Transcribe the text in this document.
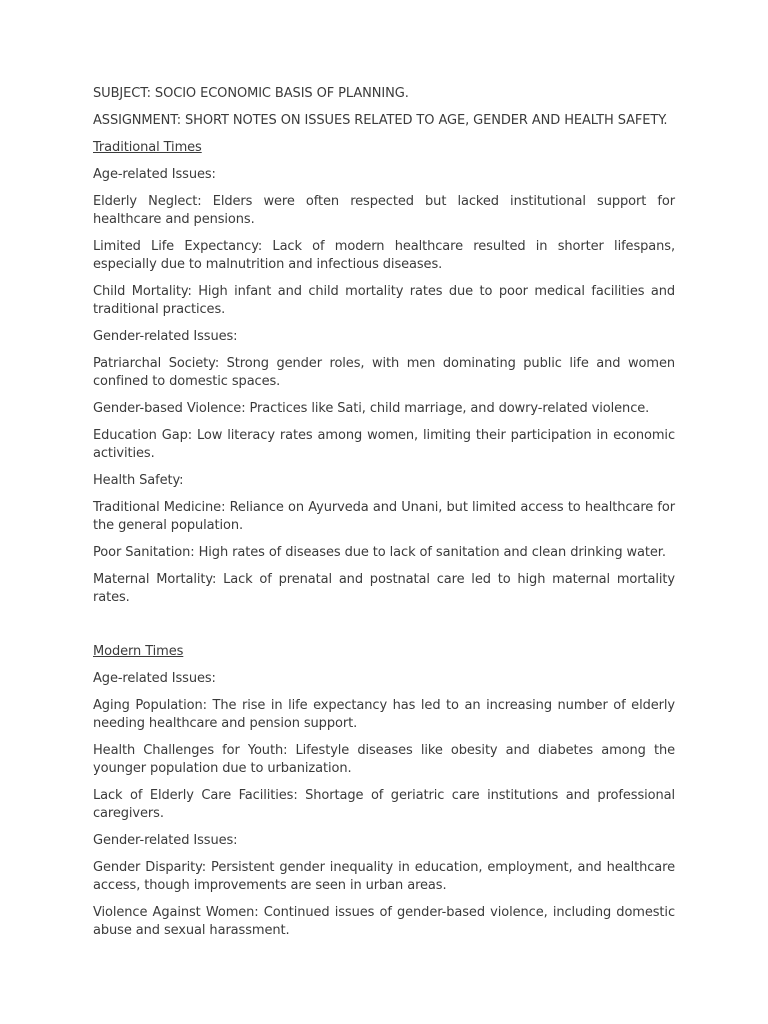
SUBJECT: SOCIO ECONOMIC BASIS OF PLANNING.
ASSIGNMENT: SHORT NOTES ON ISSUES RELATED TO AGE, GENDER AND HEALTH SAFETY.
Traditional Times
Age-related Issues:
Elderly Neglect: Elders were often respected but lacked institutional support for healthcare and pensions.
Limited Life Expectancy: Lack of modern healthcare resulted in shorter lifespans, especially due to malnutrition and infectious diseases.
Child Mortality: High infant and child mortality rates due to poor medical facilities and traditional practices.
Gender-related Issues:
Patriarchal Society: Strong gender roles, with men dominating public life and women confined to domestic spaces.
Gender-based Violence: Practices like Sati, child marriage, and dowry-related violence.
Education Gap: Low literacy rates among women, limiting their participation in economic activities.
Health Safety:
Traditional Medicine: Reliance on Ayurveda and Unani, but limited access to healthcare for the general population.
Poor Sanitation: High rates of diseases due to lack of sanitation and clean drinking water.
Maternal Mortality: Lack of prenatal and postnatal care led to high maternal mortality rates.
Modern Times
Age-related Issues:
Aging Population: The rise in life expectancy has led to an increasing number of elderly needing healthcare and pension support.
Health Challenges for Youth: Lifestyle diseases like obesity and diabetes among the younger population due to urbanization.
Lack of Elderly Care Facilities: Shortage of geriatric care institutions and professional caregivers.
Gender-related Issues:
Gender Disparity: Persistent gender inequality in education, employment, and healthcare access, though improvements are seen in urban areas.
Violence Against Women: Continued issues of gender-based violence, including domestic abuse and sexual harassment.
